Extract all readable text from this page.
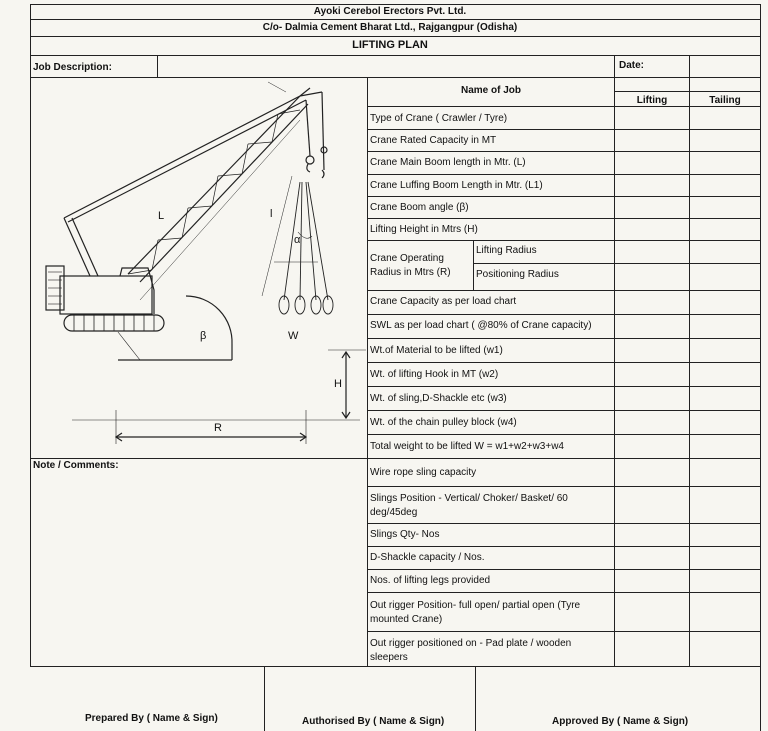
Ayoki Cerebol Erectors Pvt. Ltd.
C/o- Dalmia Cement Bharat Ltd., Rajgangpur (Odisha)
LIFTING PLAN
Job Description:	Date:
Name of Job
Lifting	Tailing
Type of Crane ( Crawler / Tyre)
Crane Rated Capacity in MT
Crane Main Boom length in Mtr. (L)
Crane Luffing Boom Length in Mtr. (L1)
Crane Boom angle (β)
Lifting Height in Mtrs (H)
Crane Operating Radius in Mtrs (R)
Lifting Radius
Positioning Radius
Crane Capacity as per load chart
SWL as per load chart ( @80% of Crane capacity)
Wt.of Material to be lifted (w1)
Wt. of lifting Hook in MT (w2)
Wt. of sling,D-Shackle etc (w3)
Wt. of the chain pulley block (w4)
Total weight to be lifted W = w1+w2+w3+w4
Wire rope sling capacity
Slings Position - Vertical/ Choker/ Basket/ 60 deg/45deg
Slings Qty- Nos
D-Shackle capacity / Nos.
Nos. of lifting legs provided
Out rigger Position- full open/ partial open (Tyre mounted Crane)
Out rigger positioned on - Pad plate / wooden sleepers
Note / Comments:
Prepared By ( Name & Sign)	Authorised By ( Name & Sign)	Approved By ( Name & Sign)
L	l
α
β	W
H
R
